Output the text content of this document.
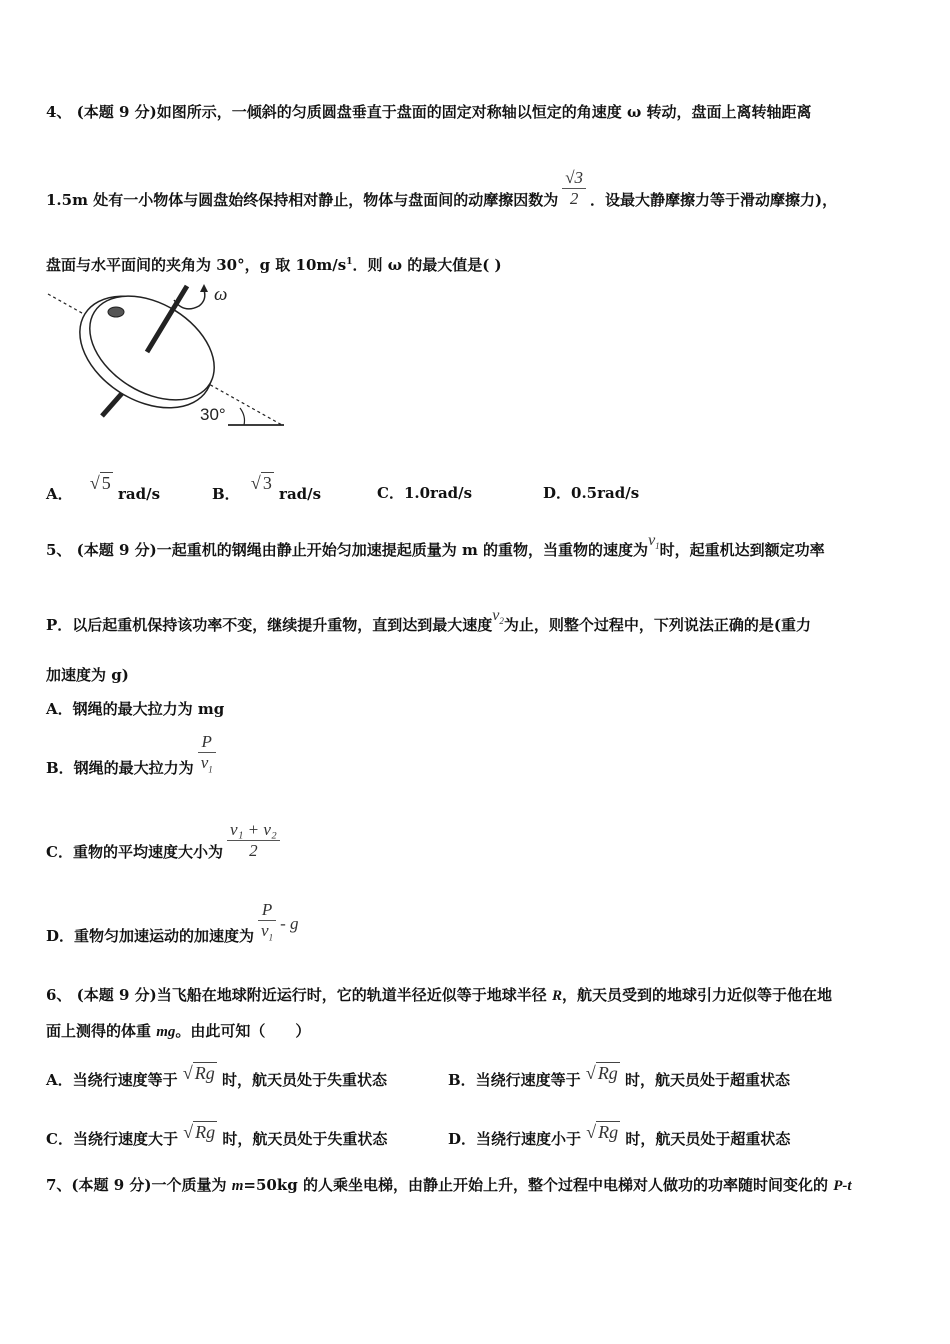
4、 (本题 9 分)如图所示，一倾斜的匀质圆盘垂直于盘面的固定对称轴以恒定的角速度 ω 转动，盘面上离转轴距离
1.5m 处有一小物体与圆盘始终保持相对静止，物体与盘面间的动摩擦因数为 $\frac{√3}{2}$ ．设最大静摩擦力等于滑动摩擦力)，
盘面与水平面间的夹角为 30°，g 取 $10m/s^1$．则 ω 的最大值是( )
ω
30°
A． √ 5 rad/s	B． √ 3 rad/s	C．1.0rad/s	D．0.5rad/s
5、 (本题 9 分)一起重机的钢绳由静止开始匀加速提起质量为 m 的重物，当重物的速度为$v_1$时，起重机达到额定功率
P．以后起重机保持该功率不变，继续提升重物，直到达到最大速度$v_2$为止，则整个过程中，下列说法正确的是(重力
加速度为 g)
A．钢绳的最大拉力为 mg
B．钢绳的最大拉力为 $\frac{P}{v_1}$
C．重物的平均速度大小为 $\frac{\text{v₁ + v₂}}{2}$
D．重物匀加速运动的加速度为 $\frac{P}{v_1}$ - g
6、 (本题 9 分)当飞船在地球附近运行时，它的轨道半径近似等于地球半径 R，航天员受到的地球引力近似等于他在地
面上测得的体重 mg。由此可知（　　）
A．当绕行速度等于 √ Rg 时，航天员处于失重状态	B．当绕行速度等于 √ Rg 时，航天员处于超重状态
C．当绕行速度大于 √ Rg 时，航天员处于失重状态	D．当绕行速度小于 √ Rg 时，航天员处于超重状态
7、(本题 9 分)一个质量为 m=50kg 的人乘坐电梯，由静止开始上升，整个过程中电梯对人做功的功率随时间变化的 P-t
